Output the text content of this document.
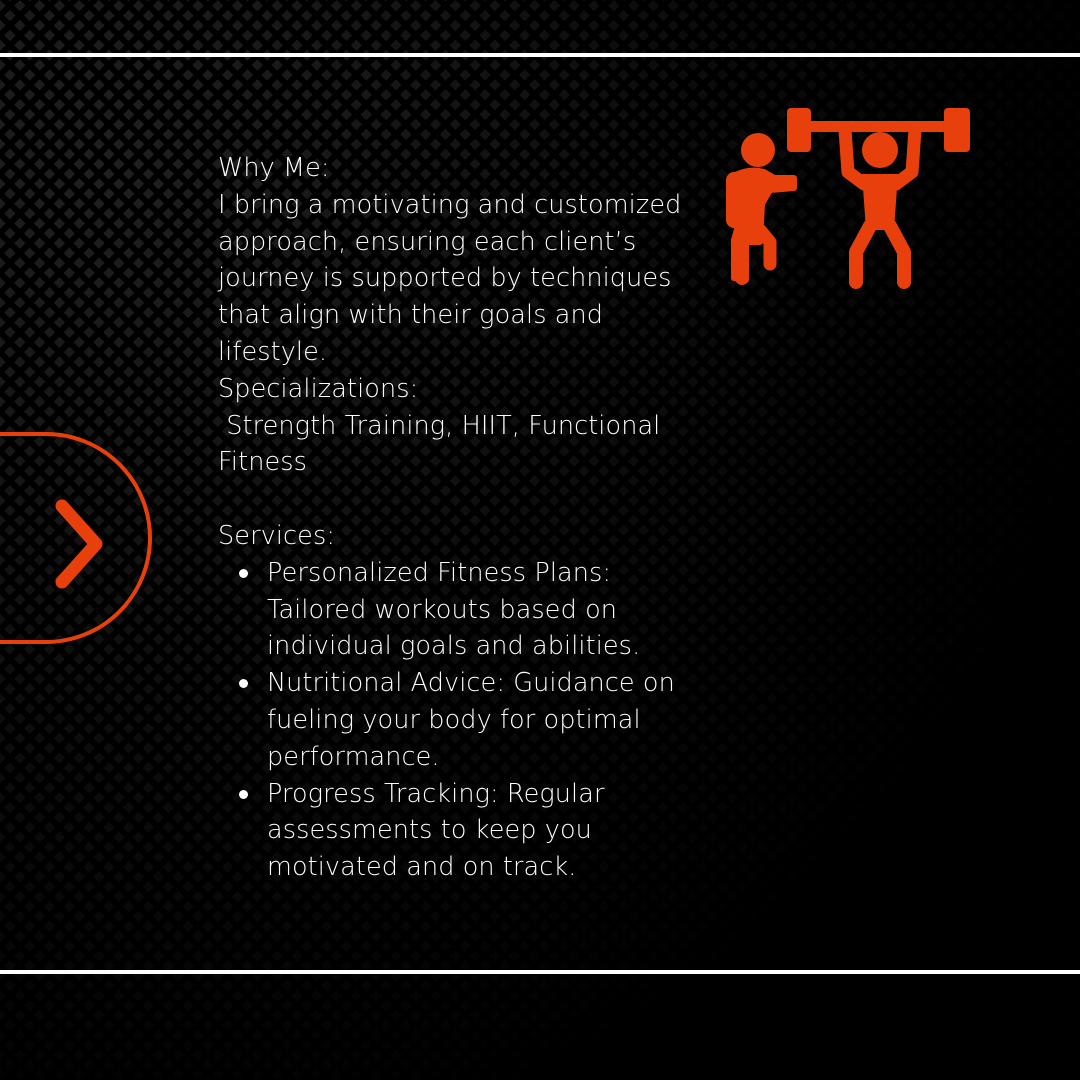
Why Me:

I bring a motivating and customized approach, ensuring each client’s journey is supported by techniques that align with their goals and lifestyle.

Specializations:

Strength Training, HIIT, Functional Fitness

Services:

Personalized Fitness Plans: Tailored workouts based on individual goals and abilities.
Nutritional Advice: Guidance on fueling your body for optimal performance.
Progress Tracking: Regular assessments to keep you motivated and on track.
